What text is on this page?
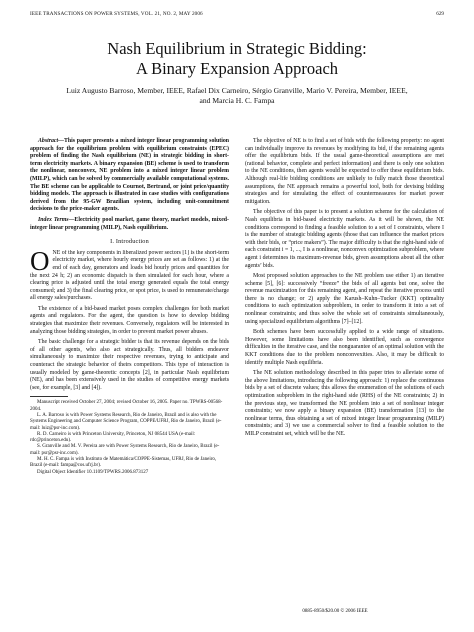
IEEE TRANSACTIONS ON POWER SYSTEMS, VOL. 21, NO. 2, MAY 2006	629
Nash Equilibrium in Strategic Bidding:
A Binary Expansion Approach
Luiz Augusto Barroso, Member, IEEE, Rafael Dix Carneiro, Sérgio Granville, Mario V. Pereira, Member, IEEE,
and Marcia H. C. Fampa

Abstract—This paper presents a mixed integer linear programming solution approach for the equilibrium problem with equilibrium constraints (EPEC) problem of finding the Nash equilibrium (NE) in strategic bidding in short-term electricity markets. A binary expansion (BE) scheme is used to transform the nonlinear, nonconvex, NE problem into a mixed integer linear problem (MILP), which can be solved by commercially available computational systems. The BE scheme can be applicable to Cournot, Bertrand, or joint price/quantity bidding models. The approach is illustrated in case studies with configurations derived from the 95-GW Brazilian system, including unit-commitment decisions to the price-maker agents.

Index Terms—Electricity pool market, game theory, market models, mixed-integer linear programming (MILP), Nash equilibrium.

I. Introduction

ONE of the key components in liberalized power sectors [1] is the short-term electricity market, where hourly energy prices are set as follows: 1) at the end of each day, generators and loads bid hourly prices and quantities for the next 24 h; 2) an economic dispatch is then simulated for each hour, where a clearing price is adjusted until the total energy generated equals the total energy consumed; and 3) the final clearing price, or spot price, is used to remunerate/charge all energy sales/purchases.

The existence of a bid-based market poses complex challenges for both market agents and regulators. For the agent, the question is how to develop bidding strategies that maximize their revenues. Conversely, regulators will be interested in analyzing those bidding strategies, in order to prevent market power abuses.

The basic challenge for a strategic bidder is that its revenue depends on the bids of all other agents, who also act strategically. Thus, all bidders endeavor simultaneously to maximize their respective revenues, trying to anticipate and counteract the strategic behavior of theirs competitors. This type of interaction is usually modeled by game-theoretic concepts [2], in particular Nash equilibrium (NE), and has been extensively used in the studies of competitive energy markets (see, for example, [3] and [4]).

Manuscript received October 27, 2004; revised October 16, 2005. Paper no. TPWRS-00568-2004.

L. A. Barroso is with Power Systems Research, Rio de Janeiro, Brazil and is also with the Systems Engineering and Computer Science Program, COPPE/UFRJ, Rio de Janeiro, Brazil (e-mail: luiz@psr-inc.com).

R. D. Carneiro is with Princeton University, Princeton, NJ 08544 USA (e-mail: rdc@princeton.edu).

S. Granville and M. V. Pereira are with Power Systems Research, Rio de Janeiro, Brazil (e-mail: psr@psr-inc.com).

M. H. C. Fampa is with Instituto de Matemática/COPPE-Sistemas, UFRJ, Rio de Janeiro, Brazil (e-mail: fampa@cos.ufrj.br).

Digital Object Identifier 10.1109/TPWRS.2006.873127

The objective of NE is to find a set of bids with the following property: no agent can individually improve its revenues by modifying its bid, if the remaining agents offer the equilibrium bids. If the usual game-theoretical assumptions are met (rational behavior, complete and perfect information) and there is only one solution to the NE conditions, then agents would be expected to offer these equilibrium bids. Although real-life bidding conditions are unlikely to fully match those theoretical assumptions, the NE approach remains a powerful tool, both for devising bidding strategies and for simulating the effect of countermeasures for market power mitigation.

The objective of this paper is to present a solution scheme for the calculation of Nash equilibria in bid-based electricity markets. As it will be shown, the NE conditions correspond to finding a feasible solution to a set of I constraints, where I is the number of strategic bidding agents (those that can influence the market prices with their bids, or “price makers”). The major difficulty is that the right-hand side of each constraint i = 1, ..., I is a nonlinear, nonconvex optimization subproblem, where agent i determines its maximum-revenue bids, given assumptions about all the other agents’ bids.

Most proposed solution approaches to the NE problem use either 1) an iterative scheme [5], [6]: successively “freeze” the bids of all agents but one, solve the revenue maximization for this remaining agent, and repeat the iterative process until there is no change; or 2) apply the Karush–Kuhn–Tucker (KKT) optimality conditions to each optimization subproblem, in order to transform it into a set of nonlinear constraints; and thus solve the whole set of constraints simultaneously, using specialized equilibrium algorithms [7]–[12].

Both schemes have been successfully applied to a wide range of situations. However, some limitations have also been identified, such as convergence difficulties in the iterative case, and the nonguarantee of an optimal solution with the KKT conditions due to the problem nonconvexities. Also, it may be difficult to identify multiple Nash equilibria.

The NE solution methodology described in this paper tries to alleviate some of the above limitations, introducing the following approach: 1) replace the continuous bids by a set of discrete values; this allows the enumeration of the solutions of each optimization subproblem in the right-hand side (RHS) of the NE constraints; 2) in the previous step, we transformed the NE problem into a set of nonlinear integer constraints; we now apply a binary expansion (BE) transformation [13] to the nonlinear terms, thus obtaining a set of mixed integer linear programming (MILP) constraints; and 3) we use a commercial solver to find a feasible solution to the MILP constraint set, which will be the NE.

0885-8950/$20.00 © 2006 IEEE
